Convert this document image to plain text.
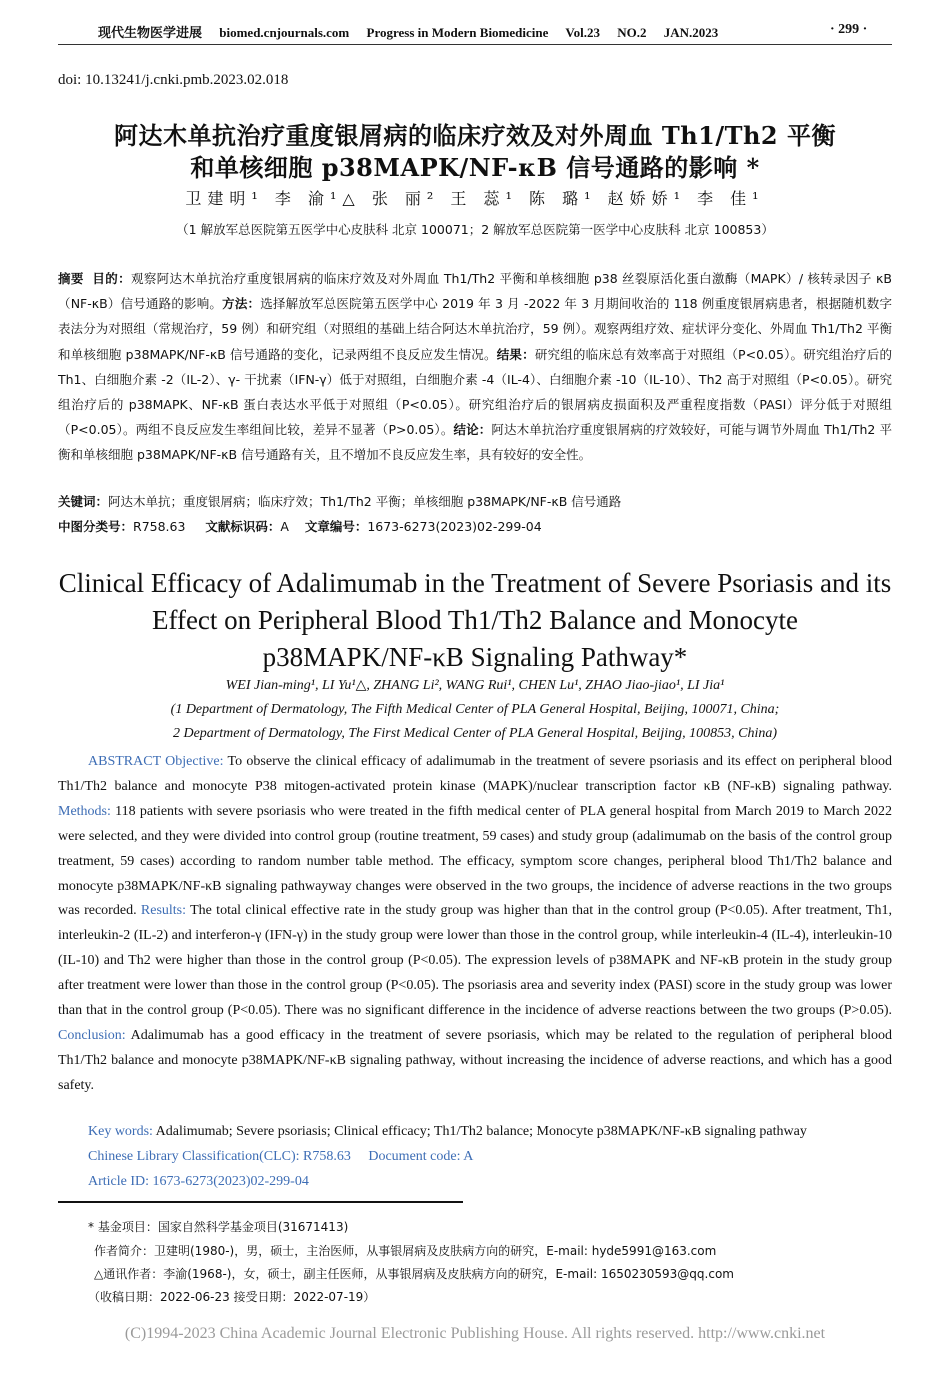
现代生物医学进展 biomed.cnjournals.com Progress in Modern Biomedicine Vol.23 NO.2 JAN.2023	· 299 ·
doi: 10.13241/j.cnki.pmb.2023.02.018
阿达木单抗治疗重度银屑病的临床疗效及对外周血 Th1/Th2 平衡
和单核细胞 p38MAPK/NF-κB 信号通路的影响 *
卫建明¹ 李 渝¹△ 张 丽² 王 蕊¹ 陈 璐¹ 赵娇娇¹ 李 佳¹
（1 解放军总医院第五医学中心皮肤科 北京 100071；2 解放军总医院第一医学中心皮肤科 北京 100853）
摘要 目的：观察阿达木单抗治疗重度银屑病的临床疗效及对外周血 Th1/Th2 平衡和单核细胞 p38 丝裂原活化蛋白激酶（MAPK）/ 核转录因子 κB（NF-κB）信号通路的影响。方法：选择解放军总医院第五医学中心 2019 年 3 月 -2022 年 3 月期间收治的 118 例重度银屑病患者，根据随机数字表法分为对照组（常规治疗，59 例）和研究组（对照组的基础上结合阿达木单抗治疗，59 例）。观察两组疗效、症状评分变化、外周血 Th1/Th2 平衡和单核细胞 p38MAPK/NF-κB 信号通路的变化，记录两组不良反应发生情况。结果：研究组的临床总有效率高于对照组（P<0.05）。研究组治疗后的 Th1、白细胞介素 -2（IL-2）、γ- 干扰素（IFN-γ）低于对照组，白细胞介素 -4（IL-4）、白细胞介素 -10（IL-10）、Th2 高于对照组（P<0.05）。研究组治疗后的 p38MAPK、NF-κB 蛋白表达水平低于对照组（P<0.05）。研究组治疗后的银屑病皮损面积及严重程度指数（PASI）评分低于对照组（P<0.05）。两组不良反应发生率组间比较，差异不显著（P>0.05）。结论：阿达木单抗治疗重度银屑病的疗效较好，可能与调节外周血 Th1/Th2 平衡和单核细胞 p38MAPK/NF-κB 信号通路有关，且不增加不良反应发生率，具有较好的安全性。
关键词：阿达木单抗；重度银屑病；临床疗效；Th1/Th2 平衡；单核细胞 p38MAPK/NF-κB 信号通路
中图分类号：R758.63 文献标识码：A 文章编号：1673-6273(2023)02-299-04
Clinical Efficacy of Adalimumab in the Treatment of Severe Psoriasis and its
Effect on Peripheral Blood Th1/Th2 Balance and Monocyte
p38MAPK/NF-κB Signaling Pathway*
WEI Jian-ming¹, LI Yu¹△, ZHANG Li², WANG Rui¹, CHEN Lu¹, ZHAO Jiao-jiao¹, LI Jia¹
(1 Department of Dermatology, The Fifth Medical Center of PLA General Hospital, Beijing, 100071, China;
2 Department of Dermatology, The First Medical Center of PLA General Hospital, Beijing, 100853, China)
ABSTRACT Objective: To observe the clinical efficacy of adalimumab in the treatment of severe psoriasis and its effect on peripheral blood Th1/Th2 balance and monocyte P38 mitogen-activated protein kinase (MAPK)/nuclear transcription factor κB (NF-κB) signaling pathway. Methods: 118 patients with severe psoriasis who were treated in the fifth medical center of PLA general hospital from March 2019 to March 2022 were selected, and they were divided into control group (routine treatment, 59 cases) and study group (adalimumab on the basis of the control group treatment, 59 cases) according to random number table method. The efficacy, symptom score changes, peripheral blood Th1/Th2 balance and monocyte p38MAPK/NF-κB signaling pathwayway changes were observed in the two groups, the incidence of adverse reactions in the two groups was recorded. Results: The total clinical effective rate in the study group was higher than that in the control group (P<0.05). After treatment, Th1, interleukin-2 (IL-2) and interferon-γ (IFN-γ) in the study group were lower than those in the control group, while interleukin-4 (IL-4), interleukin-10 (IL-10) and Th2 were higher than those in the control group (P<0.05). The expression levels of p38MAPK and NF-κB protein in the study group after treatment were lower than those in the control group (P<0.05). The psoriasis area and severity index (PASI) score in the study group was lower than that in the control group (P<0.05). There was no significant difference in the incidence of adverse reactions between the two groups (P>0.05). Conclusion: Adalimumab has a good efficacy in the treatment of severe psoriasis, which may be related to the regulation of peripheral blood Th1/Th2 balance and monocyte p38MAPK/NF-κB signaling pathway, without increasing the incidence of adverse reactions, and which has a good safety.
Key words: Adalimumab; Severe psoriasis; Clinical efficacy; Th1/Th2 balance; Monocyte p38MAPK/NF-κB signaling pathway
Chinese Library Classification(CLC): R758.63 Document code: A
Article ID: 1673-6273(2023)02-299-04
* 基金项目：国家自然科学基金项目(31671413)
作者简介：卫建明(1980-)，男，硕士，主治医师，从事银屑病及皮肤病方向的研究，E-mail: hyde5991@163.com
△通讯作者：李渝(1968-)，女，硕士，副主任医师，从事银屑病及皮肤病方向的研究，E-mail: 1650230593@qq.com
（收稿日期：2022-06-23 接受日期：2022-07-19）
(C)1994-2023 China Academic Journal Electronic Publishing House. All rights reserved. http://www.cnki.net
